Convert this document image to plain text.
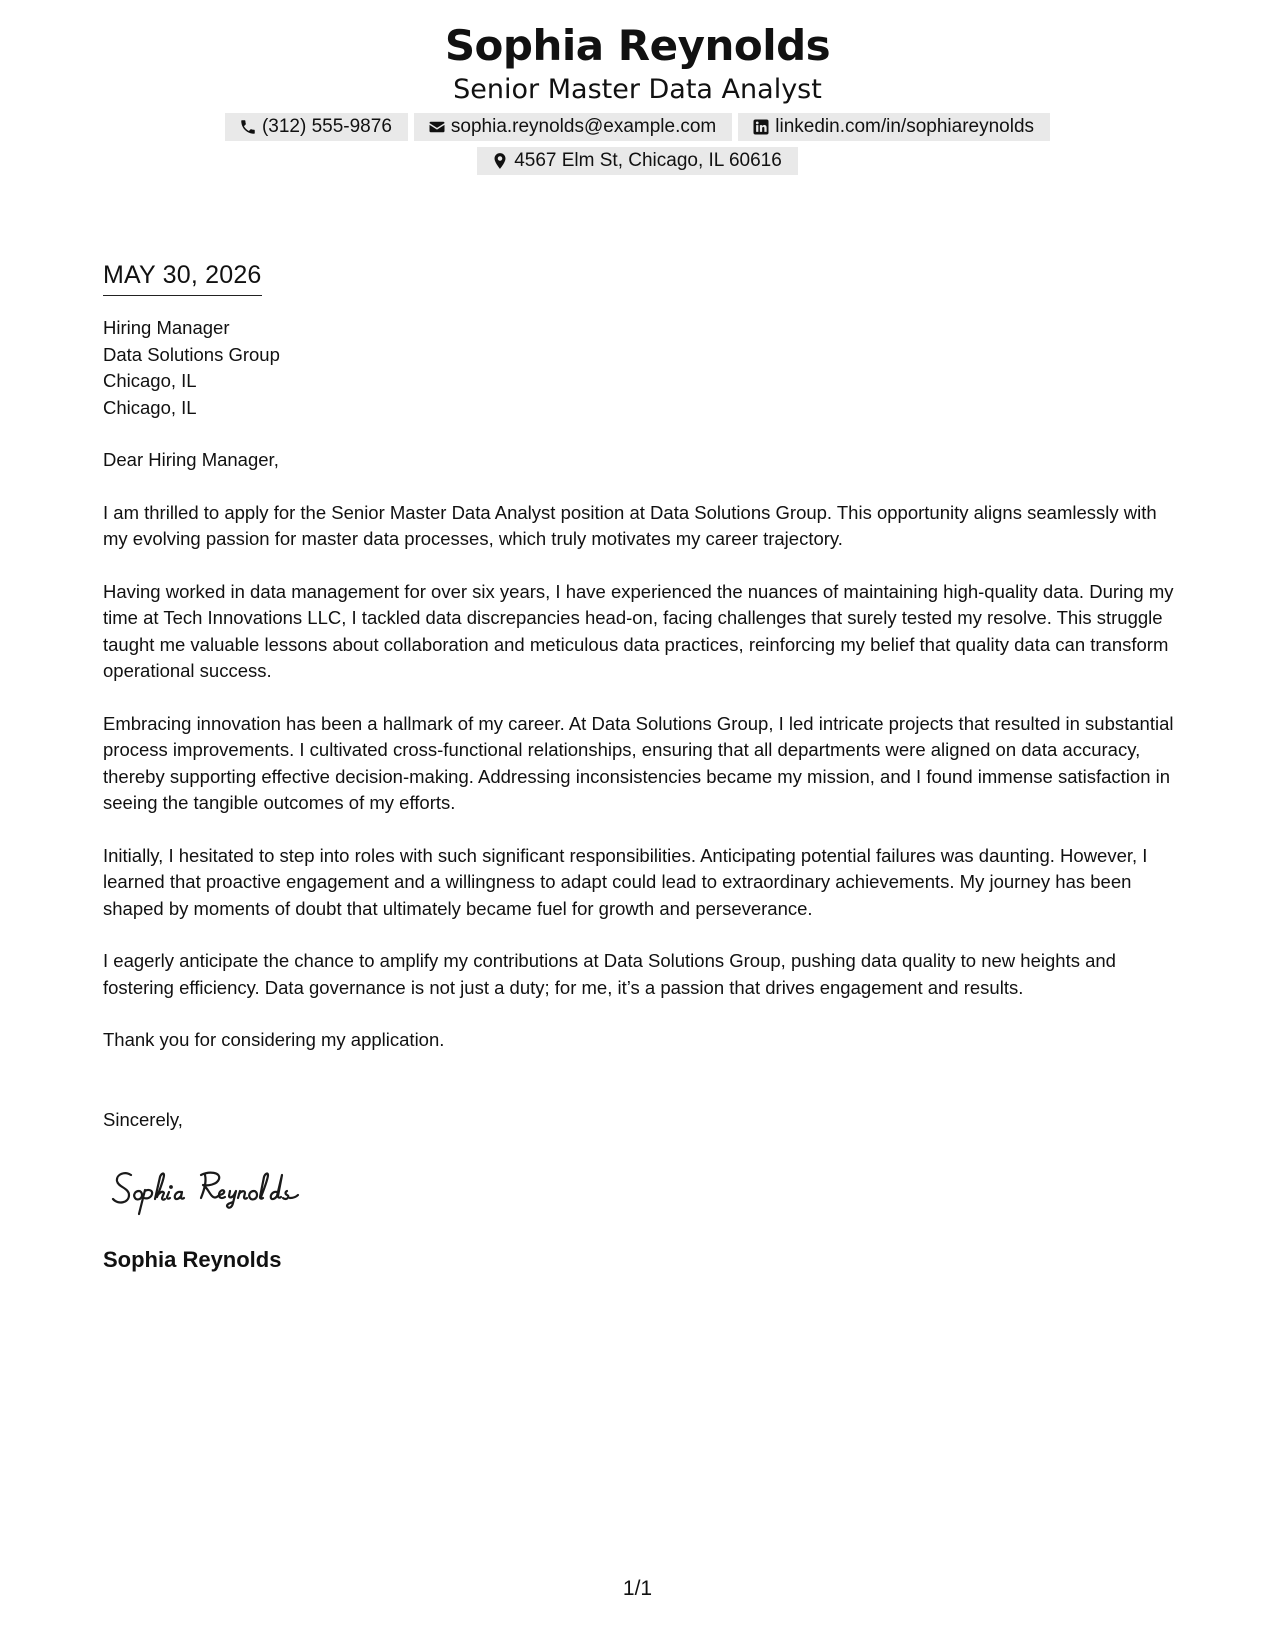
Sophia Reynolds

Senior Master Data Analyst

(312) 555-9876	sophia.reynolds@example.com	linkedin.com/in/sophiareynolds
4567 Elm St, Chicago, IL 60616
MAY 30, 2026
Hiring Manager
Data Solutions Group
Chicago, IL
Chicago, IL
Dear Hiring Manager,

I am thrilled to apply for the Senior Master Data Analyst position at Data Solutions Group. This opportunity aligns seamlessly with my evolving passion for master data processes, which truly motivates my career trajectory.

Having worked in data management for over six years, I have experienced the nuances of maintaining high-quality data. During my time at Tech Innovations LLC, I tackled data discrepancies head-on, facing challenges that surely tested my resolve. This struggle taught me valuable lessons about collaboration and meticulous data practices, reinforcing my belief that quality data can transform operational success.

Embracing innovation has been a hallmark of my career. At Data Solutions Group, I led intricate projects that resulted in substantial process improvements. I cultivated cross-functional relationships, ensuring that all departments were aligned on data accuracy, thereby supporting effective decision-making. Addressing inconsistencies became my mission, and I found immense satisfaction in seeing the tangible outcomes of my efforts.

Initially, I hesitated to step into roles with such significant responsibilities. Anticipating potential failures was daunting. However, I learned that proactive engagement and a willingness to adapt could lead to extraordinary achievements. My journey has been shaped by moments of doubt that ultimately became fuel for growth and perseverance.

I eagerly anticipate the chance to amplify my contributions at Data Solutions Group, pushing data quality to new heights and fostering efficiency. Data governance is not just a duty; for me, it’s a passion that drives engagement and results.

Thank you for considering my application.

Sincerely,
Sophia Reynolds
1/1
